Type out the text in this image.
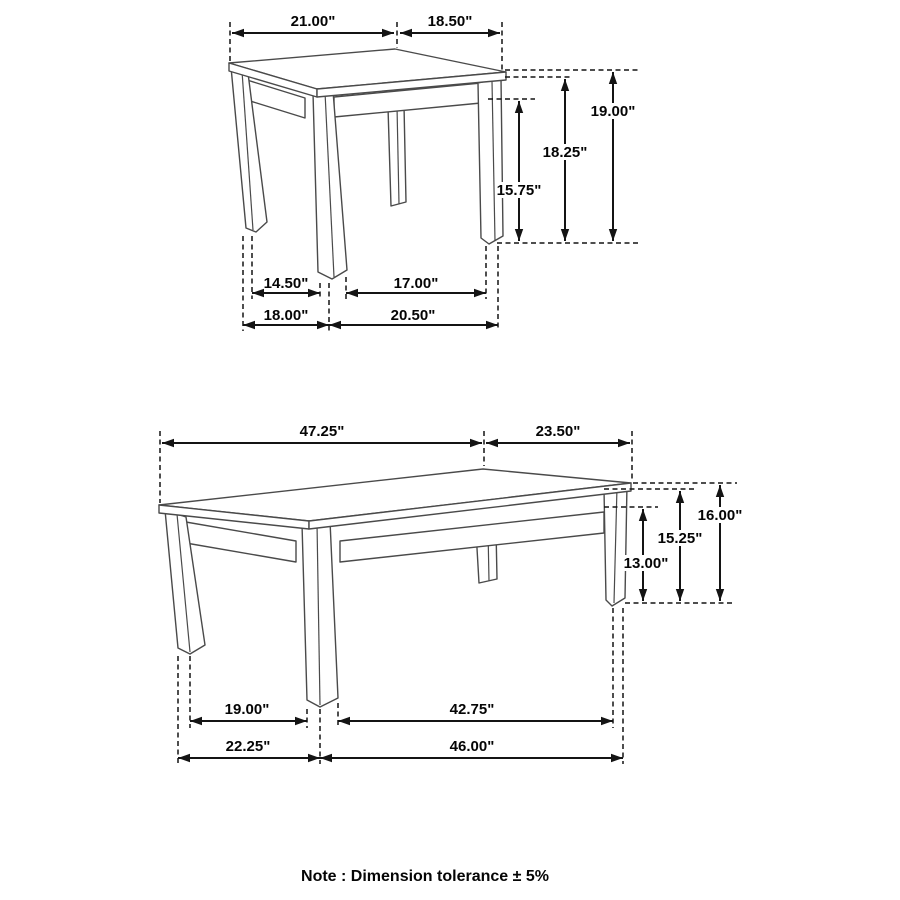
21.00"	18.50"
15.75"
18.25"
19.00"
14.50"	17.00"
18.00"	20.50"
47.25"	23.50"
13.00"
15.25"
16.00"
19.00"	42.75"
22.25"	46.00"
Note : Dimension tolerance ± 5%
